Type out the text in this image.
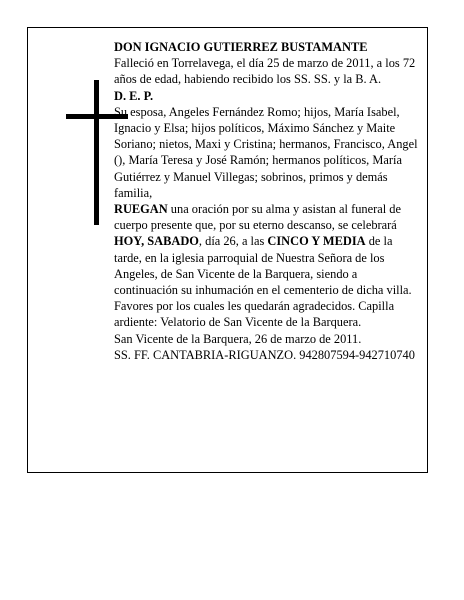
DON IGNACIO GUTIERREZ BUSTAMANTE

Falleció en Torrelavega, el día 25 de marzo de 2011, a los 72 años de edad, habiendo recibido los SS. SS. y la B. A.

D. E. P.

Su esposa, Angeles Fernández Romo; hijos, María Isabel, Ignacio y Elsa; hijos políticos, Máximo Sánchez y Maite Soriano; nietos, Maxi y Cristina; hermanos, Francisco, Angel (), María Teresa y José Ramón; hermanos políticos, María Gutiérrez y Manuel Villegas; sobrinos, primos y demás familia,

RUEGAN una oración por su alma y asistan al funeral de cuerpo presente que, por su eterno descanso, se celebrará HOY, SABADO, día 26, a las CINCO Y MEDIA de la tarde, en la iglesia parroquial de Nuestra Señora de los Angeles, de San Vicente de la Barquera, siendo a continuación su inhumación en el cementerio de dicha villa. Favores por los cuales les quedarán agradecidos. Capilla ardiente: Velatorio de San Vicente de la Barquera.

San Vicente de la Barquera, 26 de marzo de 2011.

SS. FF. CANTABRIA-RIGUANZO. 942807594-942710740
